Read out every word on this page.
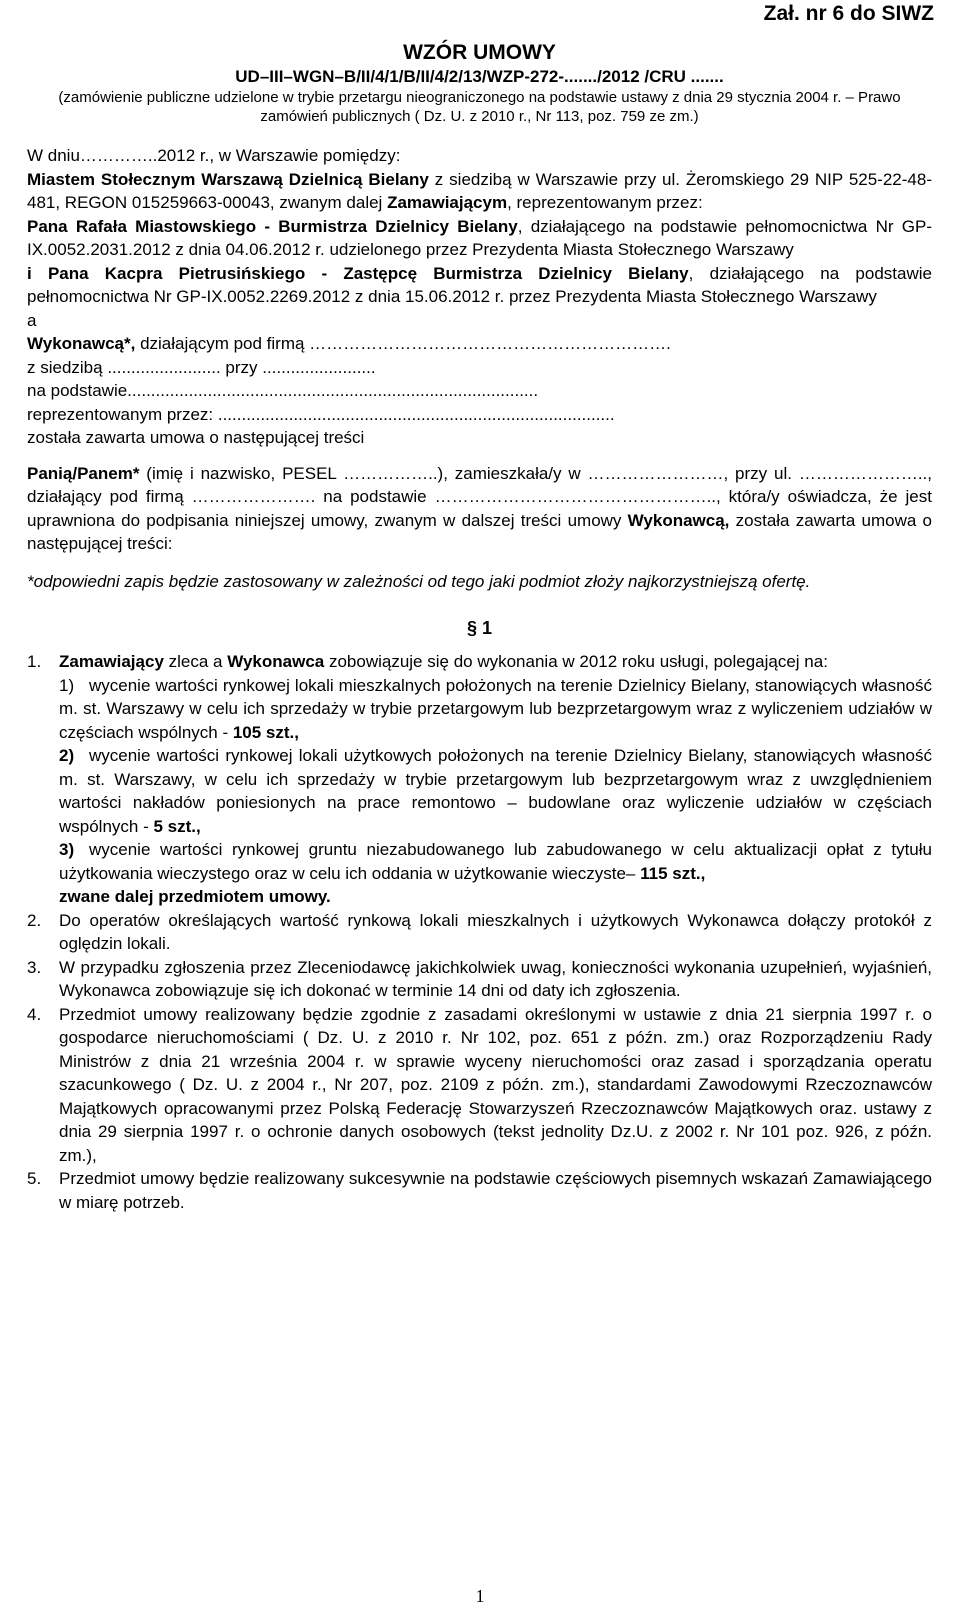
Zał. nr 6 do SIWZ
WZÓR UMOWY
UD–III–WGN–B/II/4/1/B/II/4/2/13/WZP-272-......./2012 /CRU .......
(zamówienie publiczne udzielone w trybie przetargu nieograniczonego na podstawie ustawy z dnia 29 stycznia 2004 r. – Prawo zamówień publicznych ( Dz. U. z 2010 r., Nr 113, poz. 759 ze zm.)
W dniu…………..2012 r., w Warszawie pomiędzy:
Miastem Stołecznym Warszawą Dzielnicą Bielany z siedzibą w Warszawie przy ul. Żeromskiego 29 NIP 525-22-48-481, REGON 015259663-00043, zwanym dalej Zamawiającym, reprezentowanym przez:
Pana Rafała Miastowskiego - Burmistrza Dzielnicy Bielany, działającego na podstawie pełnomocnictwa Nr GP-IX.0052.2031.2012 z dnia 04.06.2012 r. udzielonego przez Prezydenta Miasta Stołecznego Warszawy
i Pana Kacpra Pietrusińskiego - Zastępcę Burmistrza Dzielnicy Bielany, działającego na podstawie pełnomocnictwa Nr GP-IX.0052.2269.2012 z dnia 15.06.2012 r. przez Prezydenta Miasta Stołecznego Warszawy
a
Wykonawcą*, działającym pod firmą ……………………………………………………….
z siedzibą ........................ przy ........................
na podstawie.......................................................................................
reprezentowanym przez: ....................................................................................
została zawarta umowa o następującej treści
Panią/Panem* (imię i nazwisko, PESEL ……………..), zamieszkała/y w ……………………, przy ul. ………………….., działający pod firmą …………………. na podstawie ………………………………………….., która/y oświadcza, że jest uprawniona do podpisania niniejszej umowy, zwanym w dalszej treści umowy Wykonawcą, została zawarta umowa o następującej treści:
*odpowiedni zapis będzie zastosowany w zależności od tego jaki podmiot złoży najkorzystniejszą ofertę.
§ 1
1. Zamawiający zleca a Wykonawca zobowiązuje się do wykonania w 2012 roku usługi, polegającej na:
1) wycenie wartości rynkowej lokali mieszkalnych położonych na terenie Dzielnicy Bielany, stanowiących własność m. st. Warszawy w celu ich sprzedaży w trybie przetargowym lub bezprzetargowym wraz z wyliczeniem udziałów w częściach wspólnych - 105 szt.,
2) wycenie wartości rynkowej lokali użytkowych położonych na terenie Dzielnicy Bielany, stanowiących własność m. st. Warszawy, w celu ich sprzedaży w trybie przetargowym lub bezprzetargowym wraz z uwzględnieniem wartości nakładów poniesionych na prace remontowo – budowlane oraz wyliczenie udziałów w częściach wspólnych - 5 szt.,
3) wycenie wartości rynkowej gruntu niezabudowanego lub zabudowanego w celu aktualizacji opłat z tytułu użytkowania wieczystego oraz w celu ich oddania w użytkowanie wieczyste– 115 szt.,
zwane dalej przedmiotem umowy.
2. Do operatów określających wartość rynkową lokali mieszkalnych i użytkowych Wykonawca dołączy protokół z oględzin lokali.
3. W przypadku zgłoszenia przez Zleceniodawcę jakichkolwiek uwag, konieczności wykonania uzupełnień, wyjaśnień, Wykonawca zobowiązuje się ich dokonać w terminie 14 dni od daty ich zgłoszenia.
4. Przedmiot umowy realizowany będzie zgodnie z zasadami określonymi w ustawie z dnia 21 sierpnia 1997 r. o gospodarce nieruchomościami ( Dz. U. z 2010 r. Nr 102, poz. 651 z późn. zm.) oraz Rozporządzeniu Rady Ministrów z dnia 21 września 2004 r. w sprawie wyceny nieruchomości oraz zasad i sporządzania operatu szacunkowego ( Dz. U. z 2004 r., Nr 207, poz. 2109 z późn. zm.), standardami Zawodowymi Rzeczoznawców Majątkowych opracowanymi przez Polską Federację Stowarzyszeń Rzeczoznawców Majątkowych oraz. ustawy z dnia 29 sierpnia 1997 r. o ochronie danych osobowych (tekst jednolity Dz.U. z 2002 r. Nr 101 poz. 926, z późn. zm.),
5. Przedmiot umowy będzie realizowany sukcesywnie na podstawie częściowych pisemnych wskazań Zamawiającego w miarę potrzeb.
1
